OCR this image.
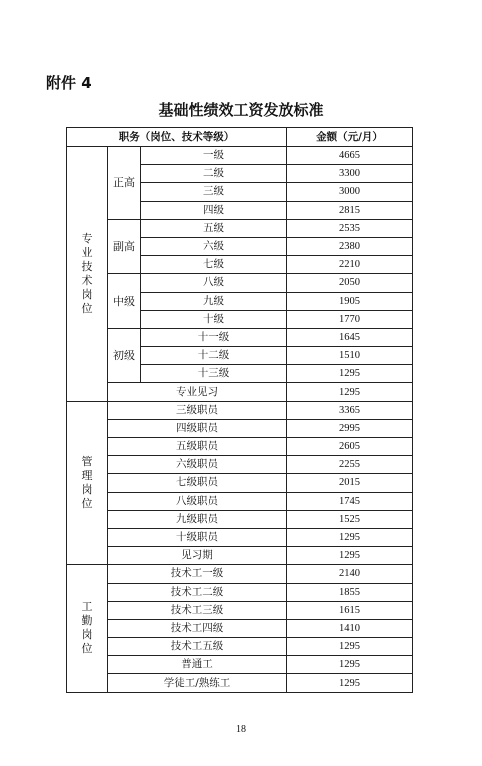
附件 4
基础性绩效工资发放标准
职务（岗位、技术等级）			金额（元/月）
专业技术岗位	正高	一级	4665
		二级	3300
		三级	3000
		四级	2815
	副高	五级	2535
		六级	2380
		七级	2210
	中级	八级	2050
		九级	1905
		十级	1770
	初级	十一级	1645
		十二级	1510
		十三级	1295
	专业见习		1295
管理岗位	三级职员		3365
	四级职员		2995
	五级职员		2605
	六级职员		2255
	七级职员		2015
	八级职员		1745
	九级职员		1525
	十级职员		1295
	见习期		1295
工勤岗位	技术工一级		2140
	技术工二级		1855
	技术工三级		1615
	技术工四级		1410
	技术工五级		1295
	普通工		1295
	学徒工/熟练工		1295
18
